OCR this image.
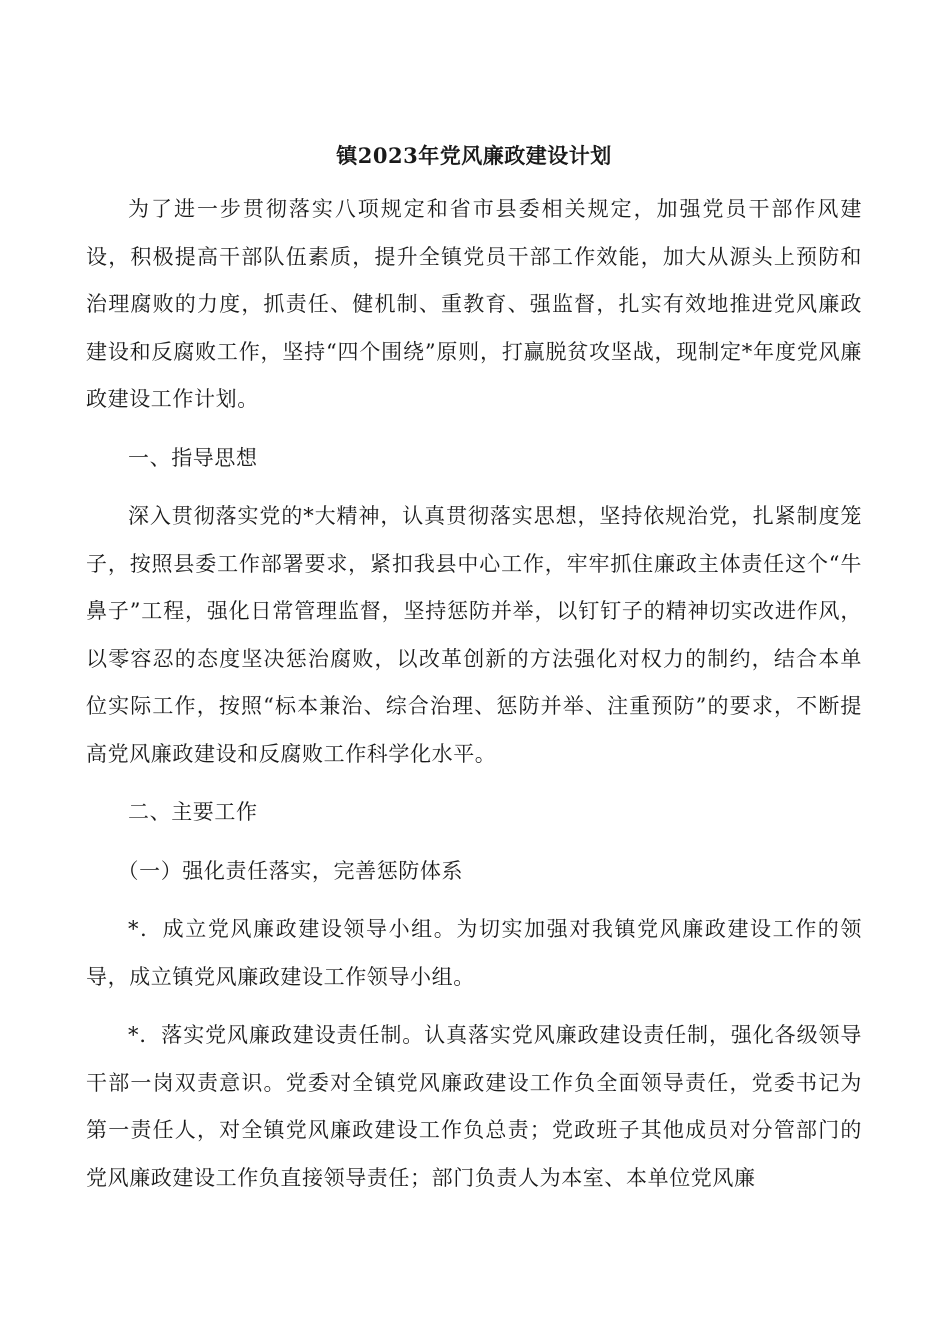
镇2023年党风廉政建设计划

为了进一步贯彻落实八项规定和省市县委相关规定，加强党员干部作风建设，积极提高干部队伍素质，提升全镇党员干部工作效能，加大从源头上预防和治理腐败的力度，抓责任、健机制、重教育、强监督，扎实有效地推进党风廉政建设和反腐败工作，坚持“四个围绕”原则，打赢脱贫攻坚战，现制定*年度党风廉政建设工作计划。

一、指导思想

深入贯彻落实党的*大精神，认真贯彻落实思想，坚持依规治党，扎紧制度笼子，按照县委工作部署要求，紧扣我县中心工作，牢牢抓住廉政主体责任这个“牛鼻子”工程，强化日常管理监督，坚持惩防并举，以钉钉子的精神切实改进作风，以零容忍的态度坚决惩治腐败，以改革创新的方法强化对权力的制约，结合本单位实际工作，按照“标本兼治、综合治理、惩防并举、注重预防”的要求，不断提高党风廉政建设和反腐败工作科学化水平。

二、主要工作

（一）强化责任落实，完善惩防体系

*．成立党风廉政建设领导小组。为切实加强对我镇党风廉政建设工作的领导，成立镇党风廉政建设工作领导小组。

*．落实党风廉政建设责任制。认真落实党风廉政建设责任制，强化各级领导干部一岗双责意识。党委对全镇党风廉政建设工作负全面领导责任，党委书记为第一责任人，对全镇党风廉政建设工作负总责；党政班子其他成员对分管部门的党风廉政建设工作负直接领导责任；部门负责人为本室、本单位党风廉
